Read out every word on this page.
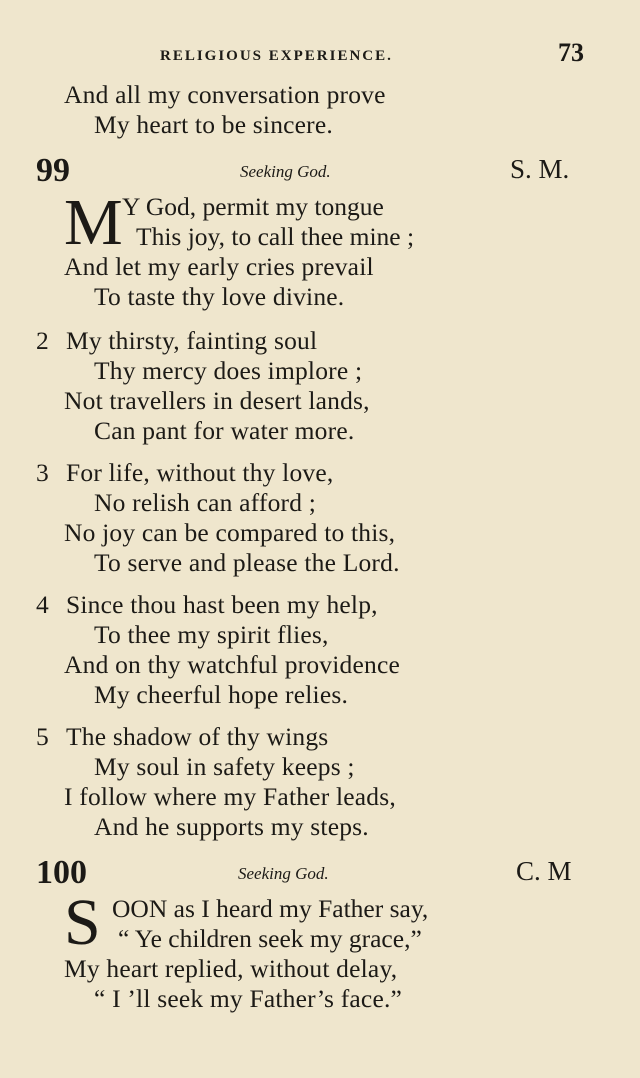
RELIGIOUS EXPERIENCE.	73
And all my conversation prove
My heart to be sincere.
99	Seeking God.	S. M.
M Y God, permit my tongue
This joy, to call thee mine ;
And let my early cries prevail
To taste thy love divine.
2 My thirsty, fainting soul
Thy mercy does implore ;
Not travellers in desert lands,
Can pant for water more.
3 For life, without thy love,
No relish can afford ;
No joy can be compared to this,
To serve and please the Lord.
4 Since thou hast been my help,
To thee my spirit flies,
And on thy watchful providence
My cheerful hope relies.
5 The shadow of thy wings
My soul in safety keeps ;
I follow where my Father leads,
And he supports my steps.
100	Seeking God.	C. M
S OON as I heard my Father say,
“ Ye children seek my grace,”
My heart replied, without delay,
“ I ’ll seek my Father’s face.”
